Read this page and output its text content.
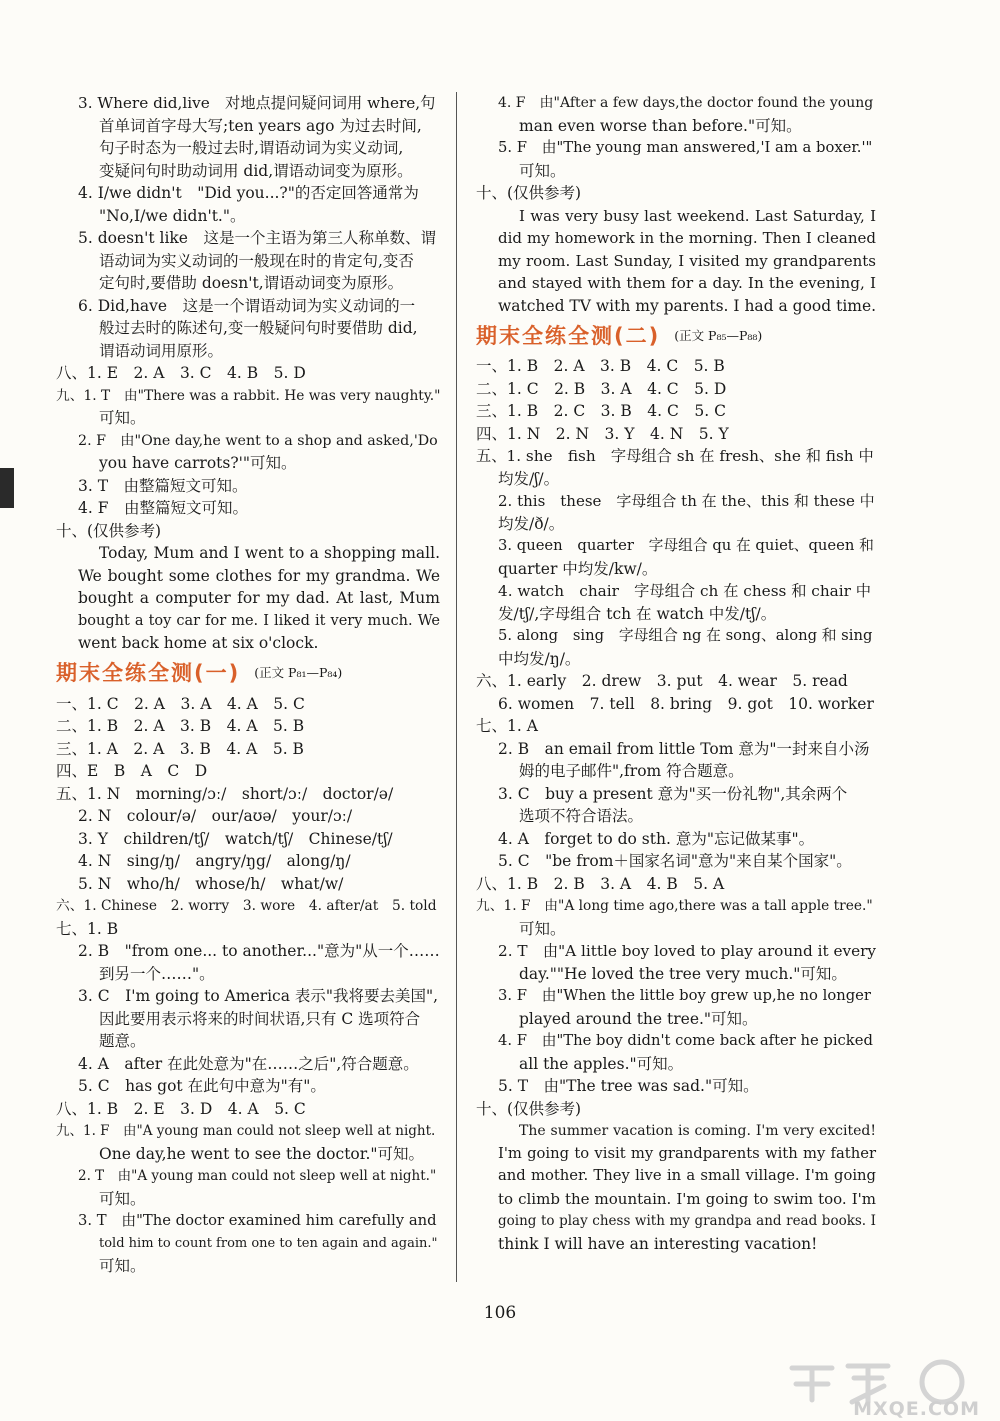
3. Where did,live　对地点提问疑问词用 where,句
首单词首字母大写;ten years ago 为过去时间,
句子时态为一般过去时,谓语动词为实义动词,
变疑问句时助动词用 did,谓语动词变为原形。
4. I/we didn't　"Did you...?"的否定回答通常为
"No,I/we didn't."。
5. doesn't like　这是一个主语为第三人称单数、谓
语动词为实义动词的一般现在时的肯定句,变否
定句时,要借助 doesn't,谓语动词变为原形。
6. Did,have　这是一个谓语动词为实义动词的一
般过去时的陈述句,变一般疑问句时要借助 did,
谓语动词用原形。
八、1. E　2. A　3. C　4. B　5. D
九、1. T　由"There was a rabbit. He was very naughty."
可知。
2. F　由"One day,he went to a shop and asked,'Do
you have carrots?'"可知。
3. T　由整篇短文可知。
4. F　由整篇短文可知。
十、(仅供参考)
Today, Mum and I went to a shopping mall.
We bought some clothes for my grandma. We
bought a computer for my dad. At last, Mum
bought a toy car for me. I liked it very much. We
went back home at six o'clock.
期末全练全测(一) (正文 P₈₁—P₈₄)
一、1. C　2. A　3. A　4. A　5. C
二、1. B　2. A　3. B　4. A　5. B
三、1. A　2. A　3. B　4. A　5. B
四、E　B　A　C　D
五、1. N　morning/ɔː/　short/ɔː/　doctor/ə/
2. N　colour/ə/　our/aʊə/　your/ɔː/
3. Y　children/tʃ/　watch/tʃ/　Chinese/tʃ/
4. N　sing/ŋ/　angry/ŋg/　along/ŋ/
5. N　who/h/　whose/h/　what/w/
六、1. Chinese　2. worry　3. wore　4. after/at　5. told
七、1. B
2. B　"from one... to another..."意为"从一个……
到另一个……"。
3. C　I'm going to America 表示"我将要去美国",
因此要用表示将来的时间状语,只有 C 选项符合
题意。
4. A　after 在此处意为"在……之后",符合题意。
5. C　has got 在此句中意为"有"。
八、1. B　2. E　3. D　4. A　5. C
九、1. F　由"A young man could not sleep well at night.
One day,he went to see the doctor."可知。
2. T　由"A young man could not sleep well at night."
可知。
3. T　由"The doctor examined him carefully and
told him to count from one to ten again and again."
可知。
4. F　由"After a few days,the doctor found the young
man even worse than before."可知。
5. F　由"The young man answered,'I am a boxer.'"
可知。
十、(仅供参考)
I was very busy last weekend. Last Saturday, I
did my homework in the morning. Then I cleaned
my room. Last Sunday, I visited my grandparents
and stayed with them for a day. In the evening, I
watched TV with my parents. I had a good time.
期末全练全测(二) (正文 P₈₅—P₈₈)
一、1. B　2. A　3. B　4. C　5. B
二、1. C　2. B　3. A　4. C　5. D
三、1. B　2. C　3. B　4. C　5. C
四、1. N　2. N　3. Y　4. N　5. Y
五、1. she　fish　字母组合 sh 在 fresh、she 和 fish 中
均发/ʃ/。
2. this　these　字母组合 th 在 the、this 和 these 中
均发/ð/。
3. queen　quarter　字母组合 qu 在 quiet、queen 和
quarter 中均发/kw/。
4. watch　chair　字母组合 ch 在 chess 和 chair 中
发/tʃ/,字母组合 tch 在 watch 中发/tʃ/。
5. along　sing　字母组合 ng 在 song、along 和 sing
中均发/ŋ/。
六、1. early　2. drew　3. put　4. wear　5. read
6. women　7. tell　8. bring　9. got　10. worker
七、1. A
2. B　an email from little Tom 意为"一封来自小汤
姆的电子邮件",from 符合题意。
3. C　buy a present 意为"买一份礼物",其余两个
选项不符合语法。
4. A　forget to do sth. 意为"忘记做某事"。
5. C　"be from＋国家名词"意为"来自某个国家"。
八、1. B　2. B　3. A　4. B　5. A
九、1. F　由"A long time ago,there was a tall apple tree."
可知。
2. T　由"A little boy loved to play around it every
day.""He loved the tree very much."可知。
3. F　由"When the little boy grew up,he no longer
played around the tree."可知。
4. F　由"The boy didn't come back after he picked
all the apples."可知。
5. T　由"The tree was sad."可知。
十、(仅供参考)
The summer vacation is coming. I'm very excited!
I'm going to visit my grandparents with my father
and mother. They live in a small village. I'm going
to climb the mountain. I'm going to swim too. I'm
going to play chess with my grandpa and read books. I
think I will have an interesting vacation!
106
MXQE.COM
